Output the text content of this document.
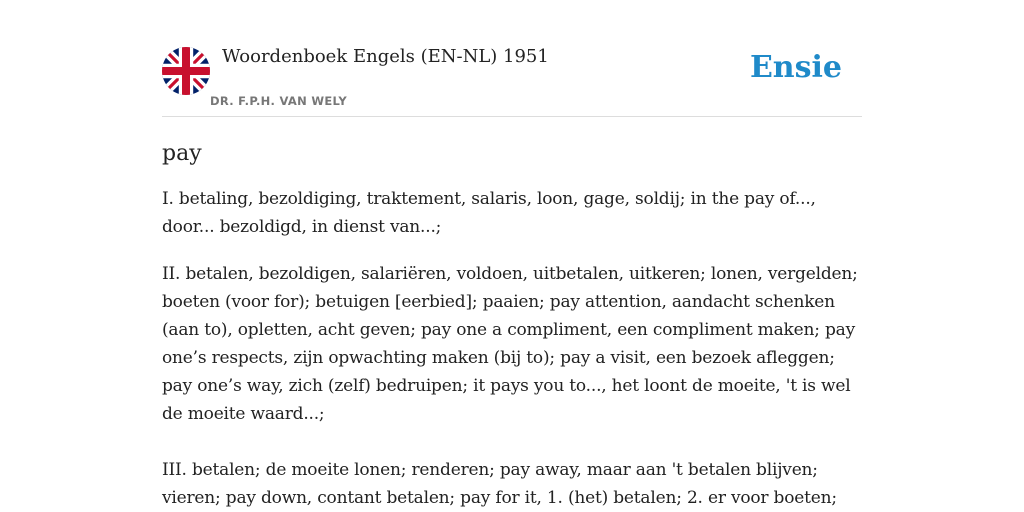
Woordenboek Engels (EN-NL) 1951
DR. F.P.H. VAN WELY
Ensie
pay

I. betaling, bezoldiging, traktement, salaris, loon, gage, soldij; in the pay of..., door... bezoldigd, in dienst van...;

II. betalen, bezoldigen, salariëren, voldoen, uitbetalen, uitkeren; lonen, vergelden; boeten (voor for); betuigen [eerbied]; paaien; pay attention, aandacht schenken (aan to), opletten, acht geven; pay one a compliment, een compliment maken; pay one’s respects, zijn opwachting maken (bij to); pay a visit, een bezoek afleggen; pay one’s way, zich (zelf) bedruipen; it pays you to..., het loont de moeite, 't is wel de moeite waard...;

III. betalen; de moeite lonen; renderen; pay away, maar aan 't betalen blijven; vieren; pay down, contant betalen; pay for it, 1. (het) betalen; 2. er voor boeten;
